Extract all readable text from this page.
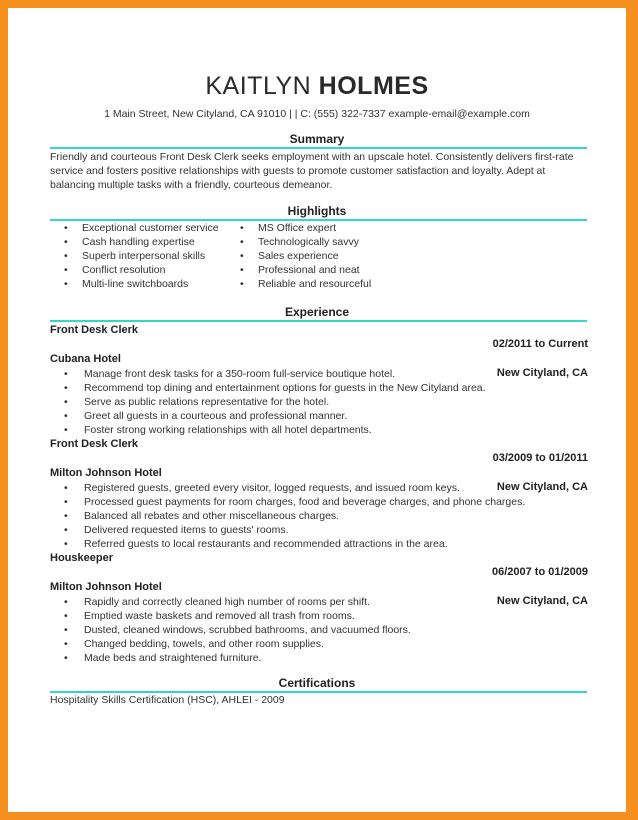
KAITLYN HOLMES
1 Main Street, New Cityland, CA 91010 | | C: (555) 322-7337 example-email@example.com
Summary
Friendly and courteous Front Desk Clerk seeks employment with an upscale hotel. Consistently delivers first-rate service and fosters positive relationships with guests to promote customer satisfaction and loyalty. Adept at balancing multiple tasks with a friendly, courteous demeanor.
Highlights
• Exceptional customer service
• Cash handling expertise
• Superb interpersonal skills
• Conflict resolution
• Multi-line switchboards
• MS Office expert
• Technologically savvy
• Sales experience
• Professional and neat
• Reliable and resourceful
Experience
Front Desk Clerk
02/2011 to Current
Cubana Hotel
New Cityland, CA
• Manage front desk tasks for a 350-room full-service boutique hotel.
• Recommend top dining and entertainment options for guests in the New Cityland area.
• Serve as public relations representative for the hotel.
• Greet all guests in a courteous and professional manner.
• Foster strong working relationships with all hotel departments.
Front Desk Clerk
03/2009 to 01/2011
Milton Johnson Hotel
New Cityland, CA
• Registered guests, greeted every visitor, logged requests, and issued room keys.
• Processed guest payments for room charges, food and beverage charges, and phone charges.
• Balanced all rebates and other miscellaneous charges.
• Delivered requested items to guests' rooms.
• Referred guests to local restaurants and recommended attractions in the area.
Houskeeper
06/2007 to 01/2009
Milton Johnson Hotel
New Cityland, CA
• Rapidly and correctly cleaned high number of rooms per shift.
• Emptied waste baskets and removed all trash from rooms.
• Dusted, cleaned windows, scrubbed bathrooms, and vacuumed floors.
• Changed bedding, towels, and other room supplies.
• Made beds and straightened furniture.
Certifications
Hospitality Skills Certification (HSC), AHLEI - 2009
